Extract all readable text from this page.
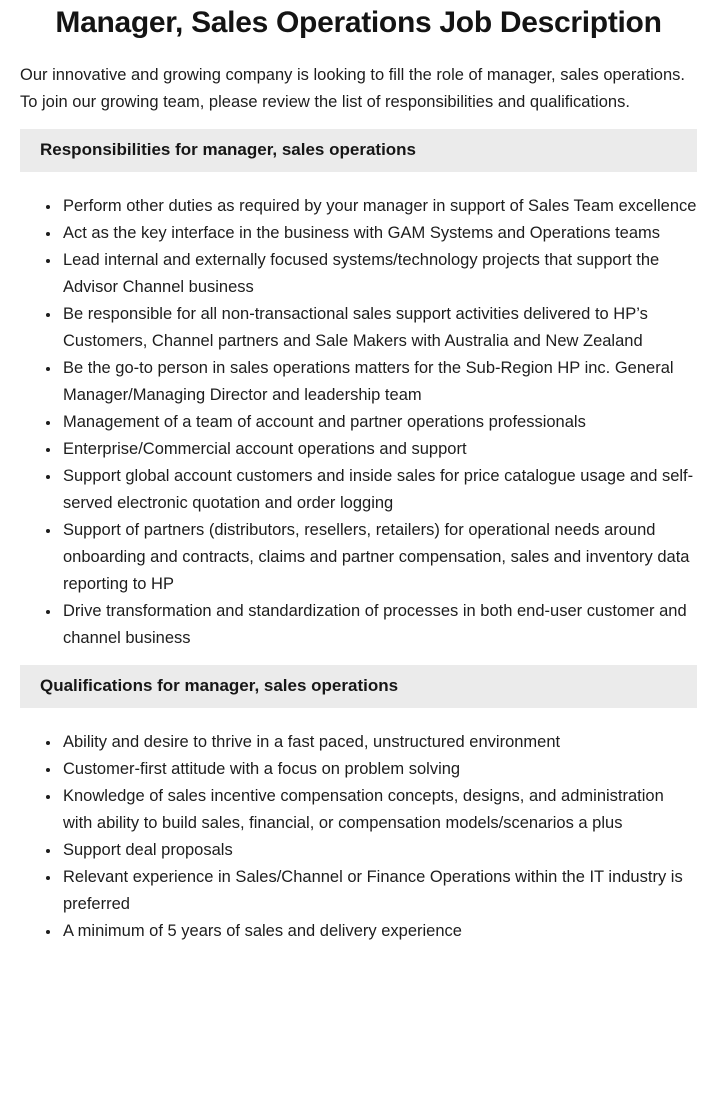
Manager, Sales Operations Job Description

Our innovative and growing company is looking to fill the role of manager, sales operations. To join our growing team, please review the list of responsibilities and qualifications.

Responsibilities for manager, sales operations
• Perform other duties as required by your manager in support of Sales Team excellence
• Act as the key interface in the business with GAM Systems and Operations teams
• Lead internal and externally focused systems/technology projects that support the Advisor Channel business
• Be responsible for all non-transactional sales support activities delivered to HP’s Customers, Channel partners and Sale Makers with Australia and New Zealand
• Be the go-to person in sales operations matters for the Sub-Region HP inc. General Manager/Managing Director and leadership team
• Management of a team of account and partner operations professionals
• Enterprise/Commercial account operations and support
• Support global account customers and inside sales for price catalogue usage and self-served electronic quotation and order logging
• Support of partners (distributors, resellers, retailers) for operational needs around onboarding and contracts, claims and partner compensation, sales and inventory data reporting to HP
• Drive transformation and standardization of processes in both end-user customer and channel business
Qualifications for manager, sales operations
• Ability and desire to thrive in a fast paced, unstructured environment
• Customer-first attitude with a focus on problem solving
• Knowledge of sales incentive compensation concepts, designs, and administration with ability to build sales, financial, or compensation models/scenarios a plus
• Support deal proposals
• Relevant experience in Sales/Channel or Finance Operations within the IT industry is preferred
• A minimum of 5 years of sales and delivery experience
